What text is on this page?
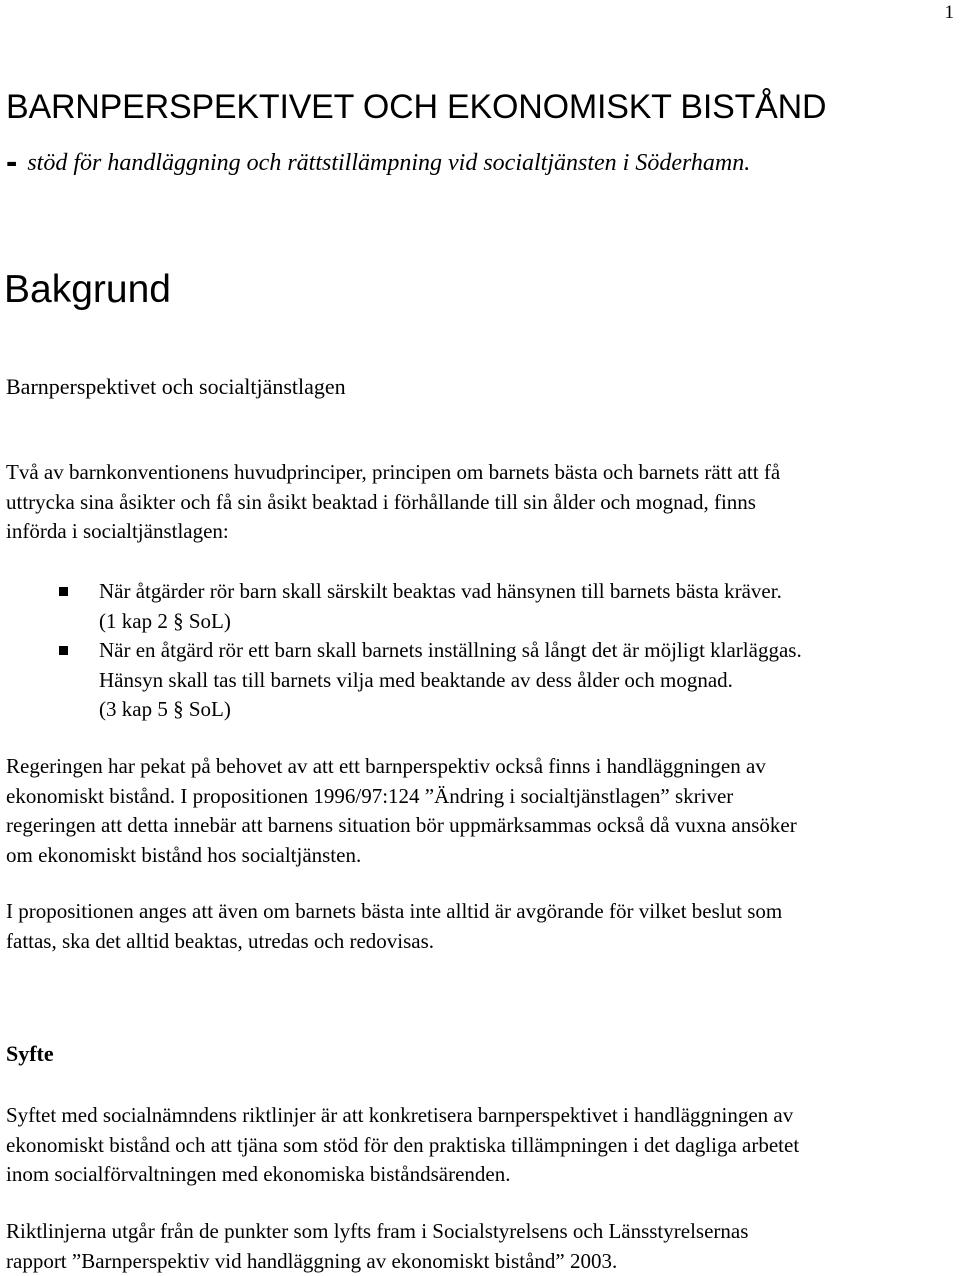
1
BARNPERSPEKTIVET OCH EKONOMISKT BISTÅND
- stöd för handläggning och rättstillämpning vid socialtjänsten i Söderhamn.
Bakgrund
Barnperspektivet och socialtjänstlagen
Två av barnkonventionens huvudprinciper, principen om barnets bästa och barnets rätt att få
uttrycka sina åsikter och få sin åsikt beaktad i förhållande till sin ålder och mognad, finns
införda i socialtjänstlagen:
När åtgärder rör barn skall särskilt beaktas vad hänsynen till barnets bästa kräver.
(1 kap 2 § SoL)
När en åtgärd rör ett barn skall barnets inställning så långt det är möjligt klarläggas.
Hänsyn skall tas till barnets vilja med beaktande av dess ålder och mognad.
(3 kap 5 § SoL)
Regeringen har pekat på behovet av att ett barnperspektiv också finns i handläggningen av
ekonomiskt bistånd. I propositionen 1996/97:124 ”Ändring i socialtjänstlagen” skriver
regeringen att detta innebär att barnens situation bör uppmärksammas också då vuxna ansöker
om ekonomiskt bistånd hos socialtjänsten.
I propositionen anges att även om barnets bästa inte alltid är avgörande för vilket beslut som
fattas, ska det alltid beaktas, utredas och redovisas.
Syfte
Syftet med socialnämndens riktlinjer är att konkretisera barnperspektivet i handläggningen av
ekonomiskt bistånd och att tjäna som stöd för den praktiska tillämpningen i det dagliga arbetet
inom socialförvaltningen med ekonomiska biståndsärenden.
Riktlinjerna utgår från de punkter som lyfts fram i Socialstyrelsens och Länsstyrelsernas
rapport ”Barnperspektiv vid handläggning av ekonomiskt bistånd” 2003.
